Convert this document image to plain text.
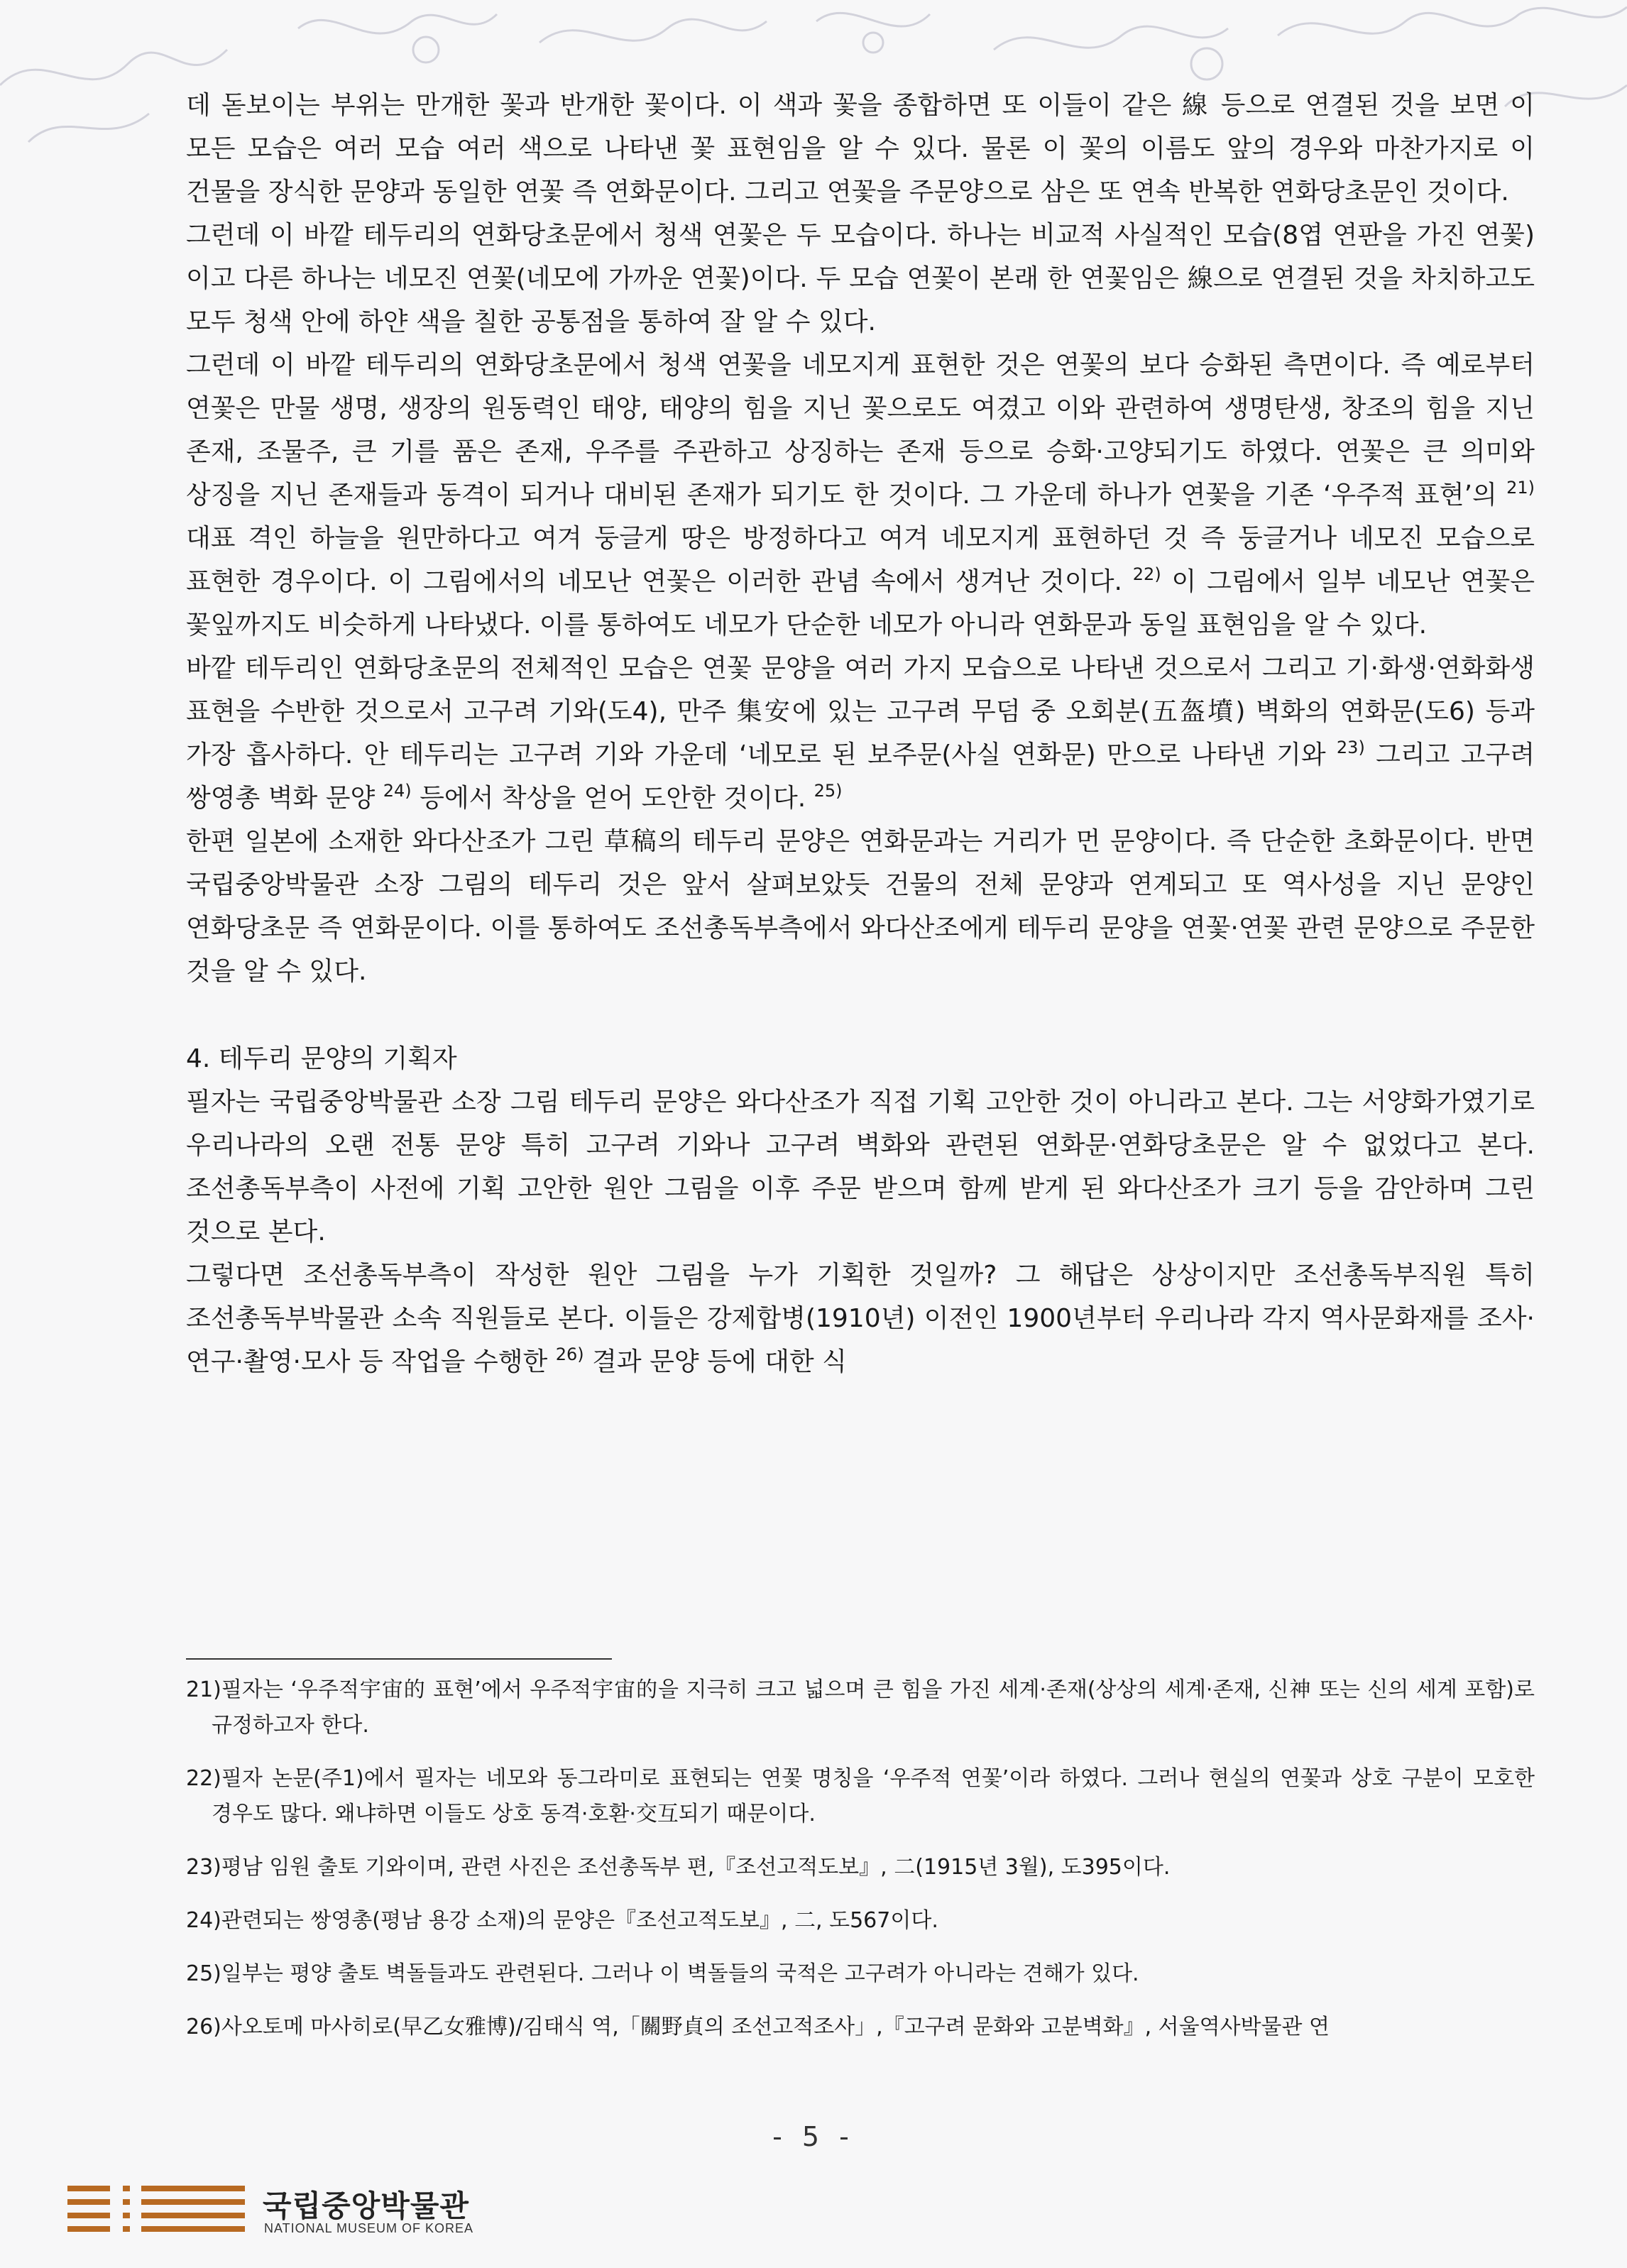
데 돋보이는 부위는 만개한 꽃과 반개한 꽃이다. 이 색과 꽃을 종합하면 또 이들이 같은 線 등으로 연결된 것을 보면 이 모든 모습은 여러 모습 여러 색으로 나타낸 꽃 표현임을 알 수 있다. 물론 이 꽃의 이름도 앞의 경우와 마찬가지로 이 건물을 장식한 문양과 동일한 연꽃 즉 연화문이다. 그리고 연꽃을 주문양으로 삼은 또 연속 반복한 연화당초문인 것이다.

그런데 이 바깥 테두리의 연화당초문에서 청색 연꽃은 두 모습이다. 하나는 비교적 사실적인 모습(8엽 연판을 가진 연꽃)이고 다른 하나는 네모진 연꽃(네모에 가까운 연꽃)이다. 두 모습 연꽃이 본래 한 연꽃임은 線으로 연결된 것을 차치하고도 모두 청색 안에 하얀 색을 칠한 공통점을 통하여 잘 알 수 있다.

그런데 이 바깥 테두리의 연화당초문에서 청색 연꽃을 네모지게 표현한 것은 연꽃의 보다 승화된 측면이다. 즉 예로부터 연꽃은 만물 생명, 생장의 원동력인 태양, 태양의 힘을 지닌 꽃으로도 여겼고 이와 관련하여 생명탄생, 창조의 힘을 지닌 존재, 조물주, 큰 기를 품은 존재, 우주를 주관하고 상징하는 존재 등으로 승화·고양되기도 하였다. 연꽃은 큰 의미와 상징을 지닌 존재들과 동격이 되거나 대비된 존재가 되기도 한 것이다. 그 가운데 하나가 연꽃을 기존 ‘우주적 표현’의 $^{21)}$ 대표 격인 하늘을 원만하다고 여겨 둥글게 땅은 방정하다고 여겨 네모지게 표현하던 것 즉 둥글거나 네모진 모습으로 표현한 경우이다. 이 그림에서의 네모난 연꽃은 이러한 관념 속에서 생겨난 것이다. $^{22)}$ 이 그림에서 일부 네모난 연꽃은 꽃잎까지도 비슷하게 나타냈다. 이를 통하여도 네모가 단순한 네모가 아니라 연화문과 동일 표현임을 알 수 있다.

바깥 테두리인 연화당초문의 전체적인 모습은 연꽃 문양을 여러 가지 모습으로 나타낸 것으로서 그리고 기·화생·연화화생 표현을 수반한 것으로서 고구려 기와(도4), 만주 集安에 있는 고구려 무덤 중 오회분(五盔墳) 벽화의 연화문(도6) 등과 가장 흡사하다. 안 테두리는 고구려 기와 가운데 ‘네모로 된 보주문(사실 연화문) 만으로 나타낸 기와 $^{23)}$ 그리고 고구려 쌍영총 벽화 문양 $^{24)}$ 등에서 착상을 얻어 도안한 것이다. $^{25)}$

한편 일본에 소재한 와다산조가 그린 草稿의 테두리 문양은 연화문과는 거리가 먼 문양이다. 즉 단순한 초화문이다. 반면 국립중앙박물관 소장 그림의 테두리 것은 앞서 살펴보았듯 건물의 전체 문양과 연계되고 또 역사성을 지닌 문양인 연화당초문 즉 연화문이다. 이를 통하여도 조선총독부측에서 와다산조에게 테두리 문양을 연꽃·연꽃 관련 문양으로 주문한 것을 알 수 있다.

4. 테두리 문양의 기획자

필자는 국립중앙박물관 소장 그림 테두리 문양은 와다산조가 직접 기획 고안한 것이 아니라고 본다. 그는 서양화가였기로 우리나라의 오랜 전통 문양 특히 고구려 기와나 고구려 벽화와 관련된 연화문·연화당초문은 알 수 없었다고 본다. 조선총독부측이 사전에 기획 고안한 원안 그림을 이후 주문 받으며 함께 받게 된 와다산조가 크기 등을 감안하며 그린 것으로 본다.

그렇다면 조선총독부측이 작성한 원안 그림을 누가 기획한 것일까? 그 해답은 상상이지만 조선총독부직원 특히 조선총독부박물관 소속 직원들로 본다. 이들은 강제합병(1910년) 이전인 1900년부터 우리나라 각지 역사문화재를 조사·연구·촬영·모사 등 작업을 수행한 $^{26)}$ 결과 문양 등에 대한 식

21)필자는 ‘우주적宇宙的 표현’에서 우주적宇宙的을 지극히 크고 넓으며 큰 힘을 가진 세계·존재(상상의 세계·존재, 신神 또는 신의 세계 포함)로 규정하고자 한다.
22)필자 논문(주1)에서 필자는 네모와 동그라미로 표현되는 연꽃 명칭을 ‘우주적 연꽃’이라 하였다. 그러나 현실의 연꽃과 상호 구분이 모호한 경우도 많다. 왜냐하면 이들도 상호 동격·호환·交互되기 때문이다.
23)평남 임원 출토 기와이며, 관련 사진은 조선총독부 편,『조선고적도보』, 二(1915년 3월), 도395이다.
24)관련되는 쌍영총(평남 용강 소재)의 문양은『조선고적도보』, 二, 도567이다.
25)일부는 평양 출토 벽돌들과도 관련된다. 그러나 이 벽돌들의 국적은 고구려가 아니라는 견해가 있다.
26)사오토메 마사히로(早乙女雅博)/김태식 역,「關野貞의 조선고적조사」,『고구려 문화와 고분벽화』, 서울역사박물관 연
- 5 -
국립중앙박물관
NATIONAL MUSEUM OF KOREA
